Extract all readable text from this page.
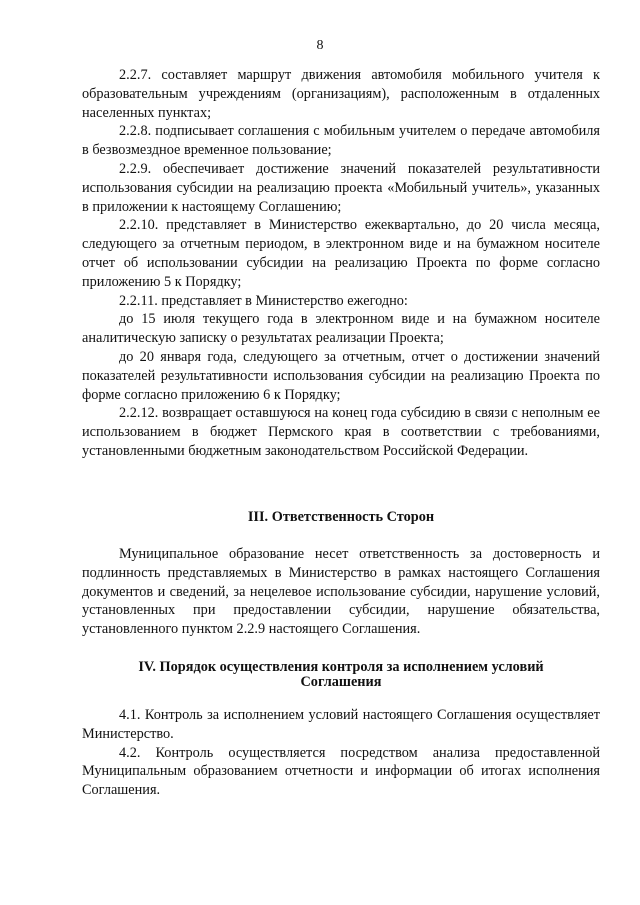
8

2.2.7. составляет маршрут движения автомобиля мобильного учителя к образовательным учреждениям (организациям), расположенным в отдаленных населенных пунктах;

2.2.8. подписывает соглашения с мобильным учителем о передаче автомобиля в безвозмездное временное пользование;

2.2.9. обеспечивает достижение значений показателей результативности использования субсидии на реализацию проекта «Мобильный учитель», указанных в приложении к настоящему Соглашению;

2.2.10. представляет в Министерство ежеквартально, до 20 числа месяца, следующего за отчетным периодом, в электронном виде и на бумажном носителе отчет об использовании субсидии на реализацию Проекта по форме согласно приложению 5 к Порядку;

2.2.11. представляет в Министерство ежегодно:

до 15 июля текущего года в электронном виде и на бумажном носителе аналитическую записку о результатах реализации Проекта;

до 20 января года, следующего за отчетным, отчет о достижении значений показателей результативности использования субсидии на реализацию Проекта по форме согласно приложению 6 к Порядку;

2.2.12. возвращает оставшуюся на конец года субсидию в связи с неполным ее использованием в бюджет Пермского края в соответствии с требованиями, установленными бюджетным законодательством Российской Федерации.

III. Ответственность Сторон

Муниципальное образование несет ответственность за достоверность и подлинность представляемых в Министерство в рамках настоящего Соглашения документов и сведений, за нецелевое использование субсидии, нарушение условий, установленных при предоставлении субсидии, нарушение обязательства, установленного пунктом 2.2.9 настоящего Соглашения.

IV. Порядок осуществления контроля за исполнением условий

Соглашения

4.1. Контроль за исполнением условий настоящего Соглашения осуществляет Министерство.

4.2. Контроль осуществляется посредством анализа предоставленной Муниципальным образованием отчетности и информации об итогах исполнения Соглашения.
